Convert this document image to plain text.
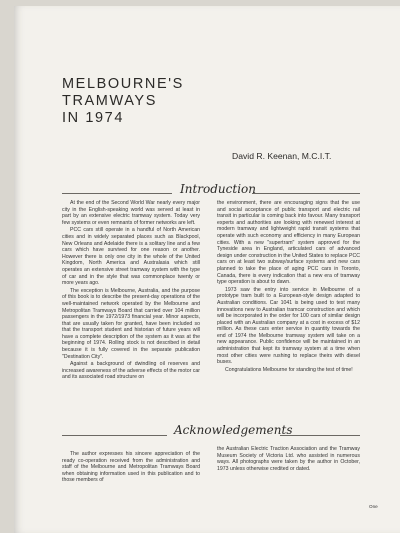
MELBOURNE'S
TRAMWAYS
IN 1974
David R. Keenan, M.C.I.T.
Introduction

At the end of the Second World War nearly every major city in the English-speaking world was served at least in part by an extensive electric tramway system. Today very few systems or even remnants of former networks are left.

PCC cars still operate in a handful of North American cities and in widely separated places such as Blackpool, New Orleans and Adelaide there is a solitary line and a few cars which have survived for one reason or another. However there is only one city in the whole of the United Kingdom, North America and Australasia which still operates an extensive street tramway system with the type of car and in the style that was commonplace twenty or more years ago.

The exception is Melbourne, Australia, and the purpose of this book is to describe the present-day operations of the well-maintained network operated by the Melbourne and Metropolitan Tramways Board that carried over 104 million passengers in the 1972/1973 financial year. Minor aspects, that are usually taken for granted, have been included so that the transport student and historian of future years will have a complete description of the system as it was at the beginning of 1974. Rolling stock is not described in detail because it is fully covered in the separate publication "Destination City".

Against a background of dwindling oil reserves and increased awareness of the adverse effects of the motor car and its associated road structure on

the environment, there are encouraging signs that the use and social acceptance of public transport and electric rail transit in particular is coming back into favour. Many transport experts and authorities are looking with renewed interest at modern tramway and lightweight rapid transit systems that operate with such economy and efficiency in many European cities. With a new "supertram" system approved for the Tyneside area in England, articulated cars of advanced design under construction in the United States to replace PCC cars on at least two subway/surface systems and new cars planned to take the place of aging PCC cars in Toronto, Canada, there is every indication that a new era of tramway type operation is about to dawn.

1973 saw the entry into service in Melbourne of a prototype tram built to a European-style design adapted to Australian conditions. Car 1041 is being used to test many innovations new to Australian tramcar construction and which will be incorporated in the order for 100 cars of similar design placed with an Australian company at a cost in excess of $12 million. As these cars enter service in quantity towards the end of 1974 the Melbourne tramway system will take on a new appearance. Public confidence will be maintained in an administration that kept its tramway system at a time when most other cities were rushing to replace theirs with diesel buses.

Congratulations Melbourne for standing the test of time!

Acknowledgements

The author expresses his sincere appreciation of the ready co-operation received from the administration and staff of the Melbourne and Metropolitan Tramways Board when obtaining information used in this publication and to those members of

the Australian Electric Traction Association and the Tramway Museum Society of Victoria Ltd. who assisted in numerous ways. All photographs were taken by the author in October, 1973 unless otherwise credited or dated.

One
